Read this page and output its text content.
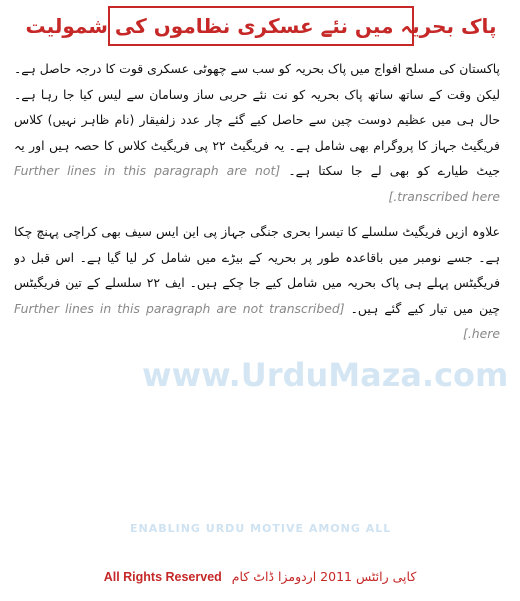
پاک بحریہ میں نئے عسکری نظاموں کی شمولیت

پاکستان کی مسلح افواج میں پاک بحریہ کو سب سے چھوٹی عسکری قوت کا درجہ حاصل ہے۔ لیکن وقت کے ساتھ ساتھ پاک بحریہ کو نت نئے حربی ساز وسامان سے لیس کیا جا رہا ہے۔ حال ہی میں عظیم دوست چین سے حاصل کیے گئے چار عدد زلفیقار (نام ظاہر نہیں) کلاس فریگیٹ جہاز کا پروگرام بھی شامل ہے۔ یہ فریگیٹ ۲۲ پی فریگیٹ کلاس کا حصہ ہیں اور یہ جیٹ طیارے کو بھی لے جا سکتا ہے۔ [Further lines in this paragraph are not transcribed here.]

علاوہ ازیں فریگیٹ سلسلے کا تیسرا بحری جنگی جہاز پی این ایس سیف بھی کراچی پہنچ چکا ہے۔ جسے نومبر میں باقاعدہ طور پر بحریہ کے بیڑے میں شامل کر لیا گیا ہے۔ اس قبل دو فریگیٹس پہلے ہی پاک بحریہ میں شامل کیے جا چکے ہیں۔ ایف ۲۲ سلسلے کے تین فریگیٹس چین میں تیار کیے گئے ہیں۔ [Further lines in this paragraph are not transcribed here.]

www.UrduMaza.com
ENABLING URDU MOTIVE AMONG ALL
All Rights Reserved کاپی رائٹس 2011 اردومزا ڈاٹ کام
